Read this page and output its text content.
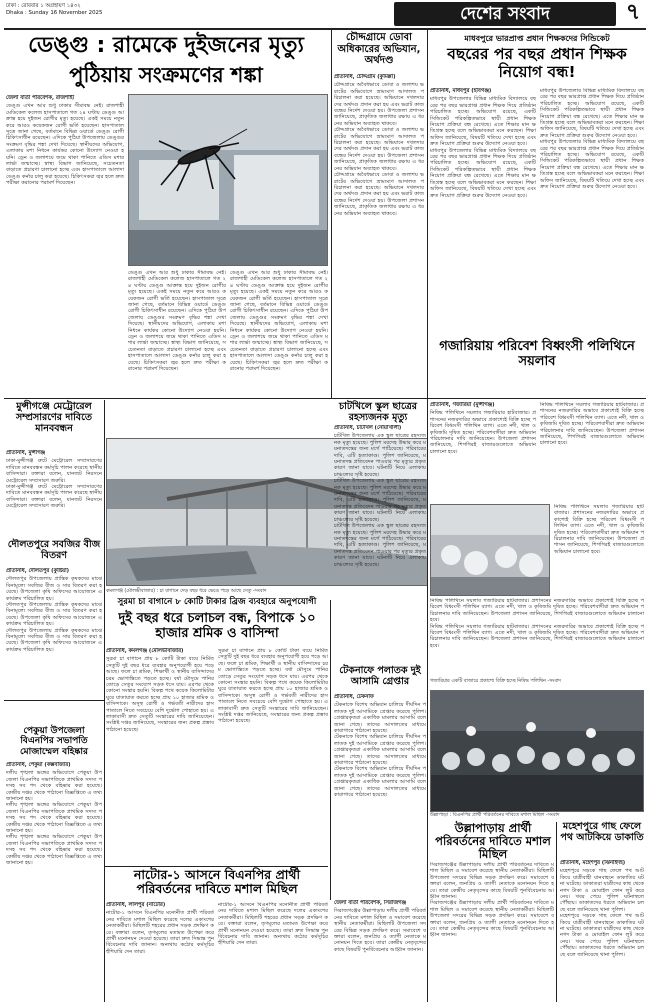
ঢাকা : রোববার ১ অগ্রহায়ণ ১৪৩২
Dhaka : Sunday 16 November 2025	দেশের সংবাদ	৭
ডেঙ্গু : রামেকে দুইজনের মৃত্যু
পুঠিয়ায় সংক্রমণের শঙ্কা
জেলা বার্তা পরিবেশক, রাজশাহী
ডেঙ্গু এখন আর শুধু ঢাকার সীমাবদ্ধ নেই। রাজশাহী মেডিকেল কলেজ হাসপাতালে গত ২৪ ঘণ্টায় ডেঙ্গু আক্রান্ত হয়ে দুইজন রোগীর মৃত্যু হয়েছে। একই সময়ে নতুন করে আরও কয়েকজন রোগী ভর্তি হয়েছেন। হাসপাতাল সূত্রে জানা গেছে, বর্তমানে বিভিন্ন ওয়ার্ডে ডেঙ্গু রোগী চিকিৎসাধীন রয়েছেন। এদিকে পুঠিয়া উপজেলায় ডেঙ্গুর সংক্রমণ বৃদ্ধির শঙ্কা দেখা দিয়েছে। স্থানীয়দের অভিযোগ, এলাকায় মশা নিধনে কার্যকর কোনো উদ্যোগ নেওয়া হয়নি। ড্রেন ও জলাশয়ে জমে থাকা পানিতে এডিস মশার লার্ভা জন্মাচ্ছে। স্বাস্থ্য বিভাগ জানিয়েছে, সচেতনতা বাড়াতে প্রচারণা চালানো হচ্ছে এবং হাসপাতালে আলাদা ডেঙ্গু কর্নার চালু করা হয়েছে। চিকিৎসকরা জ্বর হলে দ্রুত পরীক্ষা করানোর পরামর্শ দিয়েছেন।
ডেঙ্গু এখন আর শুধু ঢাকার সীমাবদ্ধ নেই। রাজশাহী মেডিকেল কলেজ হাসপাতালে গত ২৪ ঘণ্টায় ডেঙ্গু আক্রান্ত হয়ে দুইজন রোগীর মৃত্যু হয়েছে। একই সময়ে নতুন করে আরও কয়েকজন রোগী ভর্তি হয়েছেন। হাসপাতাল সূত্রে জানা গেছে, বর্তমানে বিভিন্ন ওয়ার্ডে ডেঙ্গু রোগী চিকিৎসাধীন রয়েছেন। এদিকে পুঠিয়া উপজেলায় ডেঙ্গুর সংক্রমণ বৃদ্ধির শঙ্কা দেখা দিয়েছে। স্থানীয়দের অভিযোগ, এলাকায় মশা নিধনে কার্যকর কোনো উদ্যোগ নেওয়া হয়নি। ড্রেন ও জলাশয়ে জমে থাকা পানিতে এডিস মশার লার্ভা জন্মাচ্ছে। স্বাস্থ্য বিভাগ জানিয়েছে, সচেতনতা বাড়াতে প্রচারণা চালানো হচ্ছে এবং হাসপাতালে আলাদা ডেঙ্গু কর্নার চালু করা হয়েছে। চিকিৎসকরা জ্বর হলে দ্রুত পরীক্ষা করানোর পরামর্শ দিয়েছেন।
ডেঙ্গু এখন আর শুধু ঢাকার সীমাবদ্ধ নেই। রাজশাহী মেডিকেল কলেজ হাসপাতালে গত ২৪ ঘণ্টায় ডেঙ্গু আক্রান্ত হয়ে দুইজন রোগীর মৃত্যু হয়েছে। একই সময়ে নতুন করে আরও কয়েকজন রোগী ভর্তি হয়েছেন। হাসপাতাল সূত্রে জানা গেছে, বর্তমানে বিভিন্ন ওয়ার্ডে ডেঙ্গু রোগী চিকিৎসাধীন রয়েছেন। এদিকে পুঠিয়া উপজেলায় ডেঙ্গুর সংক্রমণ বৃদ্ধির শঙ্কা দেখা দিয়েছে। স্থানীয়দের অভিযোগ, এলাকায় মশা নিধনে কার্যকর কোনো উদ্যোগ নেওয়া হয়নি। ড্রেন ও জলাশয়ে জমে থাকা পানিতে এডিস মশার লার্ভা জন্মাচ্ছে। স্বাস্থ্য বিভাগ জানিয়েছে, সচেতনতা বাড়াতে প্রচারণা চালানো হচ্ছে এবং হাসপাতালে আলাদা ডেঙ্গু কর্নার চালু করা হয়েছে। চিকিৎসকরা জ্বর হলে দ্রুত পরীক্ষা করানোর পরামর্শ দিয়েছেন।
চৌদ্দগ্রামে ডোবা অধিকারের অভিযান, অর্থদণ্ড
প্রতিনিধি, চৌদ্দগ্রাম (কুমিল্লা)
চৌদ্দগ্রামে অবৈধভাবে ডোবা ও জলাশয় ভরাটের অভিযোগে ভ্রাম্যমাণ আদালত পরিচালনা করা হয়েছে। অভিযানে দখলদারদের অর্থদণ্ড প্রদান করা হয় এবং ভরাট কাজ বন্ধের নির্দেশ দেওয়া হয়। উপজেলা প্রশাসন জানিয়েছে, প্রাকৃতিক জলাধার রক্ষায় এ ধরনের অভিযান অব্যাহত থাকবে।
চৌদ্দগ্রামে অবৈধভাবে ডোবা ও জলাশয় ভরাটের অভিযোগে ভ্রাম্যমাণ আদালত পরিচালনা করা হয়েছে। অভিযানে দখলদারদের অর্থদণ্ড প্রদান করা হয় এবং ভরাট কাজ বন্ধের নির্দেশ দেওয়া হয়। উপজেলা প্রশাসন জানিয়েছে, প্রাকৃতিক জলাধার রক্ষায় এ ধরনের অভিযান অব্যাহত থাকবে।
চৌদ্দগ্রামে অবৈধভাবে ডোবা ও জলাশয় ভরাটের অভিযোগে ভ্রাম্যমাণ আদালত পরিচালনা করা হয়েছে। অভিযানে দখলদারদের অর্থদণ্ড প্রদান করা হয় এবং ভরাট কাজ বন্ধের নির্দেশ দেওয়া হয়। উপজেলা প্রশাসন জানিয়েছে, প্রাকৃতিক জলাধার রক্ষায় এ ধরনের অভিযান অব্যাহত থাকবে।
মাধবপুরে ভারপ্রাপ্ত প্রধান শিক্ষকদের সিন্ডিকেট
বছরের পর বছর প্রধান শিক্ষক নিয়োগ বন্ধ!
প্রতিনিধি, মাধবপুর (হবিগঞ্জ)
মাধবপুর উপজেলার বিভিন্ন মাধ্যমিক বিদ্যালয়ে বছরের পর বছর ভারপ্রাপ্ত প্রধান শিক্ষক দিয়ে প্রতিষ্ঠান পরিচালিত হচ্ছে। অভিযোগ রয়েছে, একটি সিন্ডিকেট পরিকল্পিতভাবে স্থায়ী প্রধান শিক্ষক নিয়োগ প্রক্রিয়া বন্ধ রেখেছে। এতে শিক্ষার মান ক্ষতিগ্রস্ত হচ্ছে বলে অভিভাবকরা মনে করছেন। শিক্ষা অফিস জানিয়েছে, বিষয়টি খতিয়ে দেখা হচ্ছে এবং দ্রুত নিয়োগ প্রক্রিয়া শুরুর উদ্যোগ নেওয়া হবে।
মাধবপুর উপজেলার বিভিন্ন মাধ্যমিক বিদ্যালয়ে বছরের পর বছর ভারপ্রাপ্ত প্রধান শিক্ষক দিয়ে প্রতিষ্ঠান পরিচালিত হচ্ছে। অভিযোগ রয়েছে, একটি সিন্ডিকেট পরিকল্পিতভাবে স্থায়ী প্রধান শিক্ষক নিয়োগ প্রক্রিয়া বন্ধ রেখেছে। এতে শিক্ষার মান ক্ষতিগ্রস্ত হচ্ছে বলে অভিভাবকরা মনে করছেন। শিক্ষা অফিস জানিয়েছে, বিষয়টি খতিয়ে দেখা হচ্ছে এবং দ্রুত নিয়োগ প্রক্রিয়া শুরুর উদ্যোগ নেওয়া হবে।
মাধবপুর উপজেলার বিভিন্ন মাধ্যমিক বিদ্যালয়ে বছরের পর বছর ভারপ্রাপ্ত প্রধান শিক্ষক দিয়ে প্রতিষ্ঠান পরিচালিত হচ্ছে। অভিযোগ রয়েছে, একটি সিন্ডিকেট পরিকল্পিতভাবে স্থায়ী প্রধান শিক্ষক নিয়োগ প্রক্রিয়া বন্ধ রেখেছে। এতে শিক্ষার মান ক্ষতিগ্রস্ত হচ্ছে বলে অভিভাবকরা মনে করছেন। শিক্ষা অফিস জানিয়েছে, বিষয়টি খতিয়ে দেখা হচ্ছে এবং দ্রুত নিয়োগ প্রক্রিয়া শুরুর উদ্যোগ নেওয়া হবে।
মাধবপুর উপজেলার বিভিন্ন মাধ্যমিক বিদ্যালয়ে বছরের পর বছর ভারপ্রাপ্ত প্রধান শিক্ষক দিয়ে প্রতিষ্ঠান পরিচালিত হচ্ছে। অভিযোগ রয়েছে, একটি সিন্ডিকেট পরিকল্পিতভাবে স্থায়ী প্রধান শিক্ষক নিয়োগ প্রক্রিয়া বন্ধ রেখেছে। এতে শিক্ষার মান ক্ষতিগ্রস্ত হচ্ছে বলে অভিভাবকরা মনে করছেন। শিক্ষা অফিস জানিয়েছে, বিষয়টি খতিয়ে দেখা হচ্ছে এবং দ্রুত নিয়োগ প্রক্রিয়া শুরুর উদ্যোগ নেওয়া হবে।
গজারিয়ায় পরিবেশ বিধ্বংসী পলিথিনে সয়লাব
প্রতিনিধি, গজারিয়া (মুন্সীগঞ্জ)
নিষিদ্ধ পলিথিনে সয়লাব গজারিয়ার হাটবাজার। প্রশাসনের নজরদারির অভাবে প্রকাশ্যেই বিক্রি হচ্ছে পরিবেশ বিধ্বংসী পলিথিন ব্যাগ। এতে নদী, খাল ও কৃষিজমি দূষিত হচ্ছে। পরিবেশবাদীরা দ্রুত অভিযান পরিচালনার দাবি জানিয়েছেন। উপজেলা প্রশাসন জানিয়েছে, শিগগিরই বাজারগুলোতে অভিযান চালানো হবে।
নিষিদ্ধ পলিথিনে সয়লাব গজারিয়ার হাটবাজার। প্রশাসনের নজরদারির অভাবে প্রকাশ্যেই বিক্রি হচ্ছে পরিবেশ বিধ্বংসী পলিথিন ব্যাগ। এতে নদী, খাল ও কৃষিজমি দূষিত হচ্ছে। পরিবেশবাদীরা দ্রুত অভিযান পরিচালনার দাবি জানিয়েছেন। উপজেলা প্রশাসন জানিয়েছে, শিগগিরই বাজারগুলোতে অভিযান চালানো হবে।
নিষিদ্ধ পলিথিনে সয়লাব গজারিয়ার হাটবাজার। প্রশাসনের নজরদারির অভাবে প্রকাশ্যেই বিক্রি হচ্ছে পরিবেশ বিধ্বংসী পলিথিন ব্যাগ। এতে নদী, খাল ও কৃষিজমি দূষিত হচ্ছে। পরিবেশবাদীরা দ্রুত অভিযান পরিচালনার দাবি জানিয়েছেন। উপজেলা প্রশাসন জানিয়েছে, শিগগিরই বাজারগুলোতে অভিযান চালানো হবে।
নিষিদ্ধ পলিথিনে সয়লাব গজারিয়ার হাটবাজার। প্রশাসনের নজরদারির অভাবে প্রকাশ্যেই বিক্রি হচ্ছে পরিবেশ বিধ্বংসী পলিথিন ব্যাগ। এতে নদী, খাল ও কৃষিজমি দূষিত হচ্ছে। পরিবেশবাদীরা দ্রুত অভিযান পরিচালনার দাবি জানিয়েছেন। উপজেলা প্রশাসন জানিয়েছে, শিগগিরই বাজারগুলোতে অভিযান চালানো হবে।
নিষিদ্ধ পলিথিনে সয়লাব গজারিয়ার হাটবাজার। প্রশাসনের নজরদারির অভাবে প্রকাশ্যেই বিক্রি হচ্ছে পরিবেশ বিধ্বংসী পলিথিন ব্যাগ। এতে নদী, খাল ও কৃষিজমি দূষিত হচ্ছে। পরিবেশবাদীরা দ্রুত অভিযান পরিচালনার দাবি জানিয়েছেন। উপজেলা প্রশাসন জানিয়েছে, শিগগিরই বাজারগুলোতে অভিযান চালানো হবে।
গজারিয়ার একটি বাজারে প্রকাশ্যে বিক্রি হচ্ছে নিষিদ্ধ পলিথিন -সংবাদ
মুন্সীগঞ্জে মেট্রোরেল সম্প্রসারণের দাবিতে মানববন্ধন
প্রতিনিধি, মুন্সীগঞ্জ
ঢাকা-মুন্সীগঞ্জ রুটে মেট্রোরেল সম্প্রসারণের দাবিতে মানববন্ধন কর্মসূচি পালন করেছে স্থানীয় বাসিন্দারা। বক্তারা বলেন, যানজট নিরসনে মেট্রোরেল সম্প্রসারণ জরুরি।
ঢাকা-মুন্সীগঞ্জ রুটে মেট্রোরেল সম্প্রসারণের দাবিতে মানববন্ধন কর্মসূচি পালন করেছে স্থানীয় বাসিন্দারা। বক্তারা বলেন, যানজট নিরসনে মেট্রোরেল সম্প্রসারণ জরুরি।
কমলগঞ্জ (মৌলভীবাজার) : চা বাগানে দেড় বছর ধরে ভেঙে পড়ে আছে সেতু -সংবাদ
চাটখিলে স্কুল ছাত্রের রহস্যজনক মৃত্যু
দৌলতপুরে সবজির বীজ বিতরণ
প্রতিনিধি, দৌলতপুর (কুষ্টিয়া)
দৌলতপুর উপজেলায় প্রান্তিক কৃষকদের মাঝে বিনামূল্যে সবজির বীজ ও সার বিতরণ করা হয়েছে। উপজেলা কৃষি অফিসের আয়োজনে এ কার্যক্রম পরিচালিত হয়।
দৌলতপুর উপজেলায় প্রান্তিক কৃষকদের মাঝে বিনামূল্যে সবজির বীজ ও সার বিতরণ করা হয়েছে। উপজেলা কৃষি অফিসের আয়োজনে এ কার্যক্রম পরিচালিত হয়।
দৌলতপুর উপজেলায় প্রান্তিক কৃষকদের মাঝে বিনামূল্যে সবজির বীজ ও সার বিতরণ করা হয়েছে। উপজেলা কৃষি অফিসের আয়োজনে এ কার্যক্রম পরিচালিত হয়।
সুরমা চা বাগানে ৮ কোটি টাকার ব্রিজ ব্যবহারে অনুপযোগী
দুই বছর ধরে চলাচল বন্ধ, বিপাকে ১০ হাজার শ্রমিক ও বাসিন্দা
প্রতিনিধি, কমলগঞ্জ (মৌলভীবাজার)
সুরমা চা বাগানে প্রায় ৮ কোটি টাকা ব্যয়ে নির্মিত সেতুটি দুই বছর ধরে ব্যবহার অনুপযোগী হয়ে পড়ে আছে। ফলে চা শ্রমিক, শিক্ষার্থী ও স্থানীয় বাসিন্দাদের চরম ভোগান্তিতে পড়তে হচ্ছে। বর্ষা মৌসুমে পানির তোড়ে সেতুর সংযোগ সড়ক ধসে যায়। এরপর থেকে কোনো সংস্কার হয়নি। বিকল্প পথে কয়েক কিলোমিটার ঘুরে যাতায়াত করতে হচ্ছে প্রায় ১০ হাজার শ্রমিক ও বাসিন্দাকে। অসুস্থ রোগী ও গর্ভবতী নারীদের হাসপাতালে নিতে সবচেয়ে বেশি দুর্ভোগ পোহাতে হয়। এলাকাবাসী দ্রুত সেতুটি সংস্কারের দাবি জানিয়েছেন। সংশ্লিষ্ট দপ্তর জানিয়েছে, সংস্কারের জন্য প্রকল্প প্রস্তাব পাঠানো হয়েছে।
সুরমা চা বাগানে প্রায় ৮ কোটি টাকা ব্যয়ে নির্মিত সেতুটি দুই বছর ধরে ব্যবহার অনুপযোগী হয়ে পড়ে আছে। ফলে চা শ্রমিক, শিক্ষার্থী ও স্থানীয় বাসিন্দাদের চরম ভোগান্তিতে পড়তে হচ্ছে। বর্ষা মৌসুমে পানির তোড়ে সেতুর সংযোগ সড়ক ধসে যায়। এরপর থেকে কোনো সংস্কার হয়নি। বিকল্প পথে কয়েক কিলোমিটার ঘুরে যাতায়াত করতে হচ্ছে প্রায় ১০ হাজার শ্রমিক ও বাসিন্দাকে। অসুস্থ রোগী ও গর্ভবতী নারীদের হাসপাতালে নিতে সবচেয়ে বেশি দুর্ভোগ পোহাতে হয়। এলাকাবাসী দ্রুত সেতুটি সংস্কারের দাবি জানিয়েছেন। সংশ্লিষ্ট দপ্তর জানিয়েছে, সংস্কারের জন্য প্রকল্প প্রস্তাব পাঠানো হয়েছে।
প্রতিনিধি, চাটখিল (নোয়াখালী)
চাটখিল উপজেলায় এক স্কুল ছাত্রের রহস্যজনক মৃত্যু হয়েছে। পুলিশ মরদেহ উদ্ধার করে ময়নাতদন্তের জন্য মর্গে পাঠিয়েছে। পরিবারের দাবি, এটি হত্যাকাণ্ড। পুলিশ জানিয়েছে, ময়নাতদন্ত প্রতিবেদন পাওয়ার পর মৃত্যুর প্রকৃত কারণ জানা যাবে। ঘটনাটি নিয়ে এলাকায় চাঞ্চল্যের সৃষ্টি হয়েছে।
চাটখিল উপজেলায় এক স্কুল ছাত্রের রহস্যজনক মৃত্যু হয়েছে। পুলিশ মরদেহ উদ্ধার করে ময়নাতদন্তের জন্য মর্গে পাঠিয়েছে। পরিবারের দাবি, এটি হত্যাকাণ্ড। পুলিশ জানিয়েছে, ময়নাতদন্ত প্রতিবেদন পাওয়ার পর মৃত্যুর প্রকৃত কারণ জানা যাবে। ঘটনাটি নিয়ে এলাকায় চাঞ্চল্যের সৃষ্টি হয়েছে।
চাটখিল উপজেলায় এক স্কুল ছাত্রের রহস্যজনক মৃত্যু হয়েছে। পুলিশ মরদেহ উদ্ধার করে ময়নাতদন্তের জন্য মর্গে পাঠিয়েছে। পরিবারের দাবি, এটি হত্যাকাণ্ড। পুলিশ জানিয়েছে, ময়নাতদন্ত প্রতিবেদন পাওয়ার পর মৃত্যুর প্রকৃত কারণ জানা যাবে। ঘটনাটি নিয়ে এলাকায় চাঞ্চল্যের সৃষ্টি হয়েছে।
টেকনাফে পলাতক দুই আসামি গ্রেপ্তার
প্রতিনিধি, টেকনাফ
টেকনাফে বিশেষ অভিযান চালিয়ে দীর্ঘদিন পলাতক দুই আসামিকে গ্রেপ্তার করেছে পুলিশ। গ্রেপ্তারকৃতরা একাধিক মামলার আসামি বলে জানা গেছে। তাদের আদালতের মাধ্যমে কারাগারে পাঠানো হয়েছে।
টেকনাফে বিশেষ অভিযান চালিয়ে দীর্ঘদিন পলাতক দুই আসামিকে গ্রেপ্তার করেছে পুলিশ। গ্রেপ্তারকৃতরা একাধিক মামলার আসামি বলে জানা গেছে। তাদের আদালতের মাধ্যমে কারাগারে পাঠানো হয়েছে।
টেকনাফে বিশেষ অভিযান চালিয়ে দীর্ঘদিন পলাতক দুই আসামিকে গ্রেপ্তার করেছে পুলিশ। গ্রেপ্তারকৃতরা একাধিক মামলার আসামি বলে জানা গেছে। তাদের আদালতের মাধ্যমে কারাগারে পাঠানো হয়েছে।
পেকুয়া উপজেলা বিএনপির সভাপতি মোজাম্মেল বহিষ্কার
প্রতিনিধি, পেকুয়া (কক্সবাজার)
দলীয় শৃঙ্খলা ভঙ্গের অভিযোগে পেকুয়া উপজেলা বিএনপির সভাপতিকে প্রাথমিক সদস্য পদসহ সব পদ থেকে বহিষ্কার করা হয়েছে। কেন্দ্রীয় দপ্তর থেকে পাঠানো বিজ্ঞপ্তিতে এ তথ্য জানানো হয়।
দলীয় শৃঙ্খলা ভঙ্গের অভিযোগে পেকুয়া উপজেলা বিএনপির সভাপতিকে প্রাথমিক সদস্য পদসহ সব পদ থেকে বহিষ্কার করা হয়েছে। কেন্দ্রীয় দপ্তর থেকে পাঠানো বিজ্ঞপ্তিতে এ তথ্য জানানো হয়।
দলীয় শৃঙ্খলা ভঙ্গের অভিযোগে পেকুয়া উপজেলা বিএনপির সভাপতিকে প্রাথমিক সদস্য পদসহ সব পদ থেকে বহিষ্কার করা হয়েছে। কেন্দ্রীয় দপ্তর থেকে পাঠানো বিজ্ঞপ্তিতে এ তথ্য জানানো হয়।
নাটোর-১ আসনে বিএনপির প্রার্থী পরিবর্তনের দাবিতে মশাল মিছিল
প্রতিনিধি, লালপুর (নাটোর)
নাটোর-১ আসনে বিএনপির মনোনীত প্রার্থী পরিবর্তনের দাবিতে মশাল মিছিল করেছে দলের একাংশের নেতাকর্মীরা। মিছিলটি শহরের প্রধান সড়ক প্রদক্ষিণ করে। বক্তারা বলেন, তৃণমূলের মতামত উপেক্ষা করে প্রার্থী মনোনয়ন দেওয়া হয়েছে। তারা দ্রুত সিদ্ধান্ত পুনর্বিবেচনার দাবি জানান। অন্যথায় কঠোর কর্মসূচির হুঁশিয়ারি দেন তারা।
নাটোর-১ আসনে বিএনপির মনোনীত প্রার্থী পরিবর্তনের দাবিতে মশাল মিছিল করেছে দলের একাংশের নেতাকর্মীরা। মিছিলটি শহরের প্রধান সড়ক প্রদক্ষিণ করে। বক্তারা বলেন, তৃণমূলের মতামত উপেক্ষা করে প্রার্থী মনোনয়ন দেওয়া হয়েছে। তারা দ্রুত সিদ্ধান্ত পুনর্বিবেচনার দাবি জানান। অন্যথায় কঠোর কর্মসূচির হুঁশিয়ারি দেন তারা।
উল্লাপাড়া : বিএনপির প্রার্থী পরিবর্তনের দাবিতে মশাল মিছিল -সংবাদ
উল্লাপাড়ায় প্রার্থী পরিবর্তনের দাবিতে মশাল মিছিল
জেলা বার্তা পরিবেশক, সিরাজগঞ্জ
সিরাজগঞ্জের উল্লাপাড়ায় দলীয় প্রার্থী পরিবর্তনের দাবিতে মশাল মিছিল ও সমাবেশ করেছে স্থানীয় নেতাকর্মীরা। মিছিলটি উপজেলা সদরের বিভিন্ন সড়ক প্রদক্ষিণ করে। সমাবেশে বক্তারা বলেন, জনপ্রিয় ও ত্যাগী নেতাকে মনোনয়ন দিতে হবে। তারা কেন্দ্রীয় নেতৃবৃন্দের কাছে বিষয়টি পুনর্বিবেচনার আহ্বান জানান।
সিরাজগঞ্জের উল্লাপাড়ায় দলীয় প্রার্থী পরিবর্তনের দাবিতে মশাল মিছিল ও সমাবেশ করেছে স্থানীয় নেতাকর্মীরা। মিছিলটি উপজেলা সদরের বিভিন্ন সড়ক প্রদক্ষিণ করে। সমাবেশে বক্তারা বলেন, জনপ্রিয় ও ত্যাগী নেতাকে মনোনয়ন দিতে হবে। তারা কেন্দ্রীয় নেতৃবৃন্দের কাছে বিষয়টি পুনর্বিবেচনার আহ্বান জানান।
সিরাজগঞ্জের উল্লাপাড়ায় দলীয় প্রার্থী পরিবর্তনের দাবিতে মশাল মিছিল ও সমাবেশ করেছে স্থানীয় নেতাকর্মীরা। মিছিলটি উপজেলা সদরের বিভিন্ন সড়ক প্রদক্ষিণ করে। সমাবেশে বক্তারা বলেন, জনপ্রিয় ও ত্যাগী নেতাকে মনোনয়ন দিতে হবে। তারা কেন্দ্রীয় নেতৃবৃন্দের কাছে বিষয়টি পুনর্বিবেচনার আহ্বান জানান।
মহেশপুরে গাছ ফেলে পথ আটকিয়ে ডাকাতি
প্রতিনিধি, মহেশপুর (ঝিনাইদহ)
মহেশপুরে সড়কে গাছ ফেলে পথ আটকিয়ে যাত্রীবাহী যানবাহনে ডাকাতির ঘটনা ঘটেছে। ডাকাতরা যাত্রীদের কাছ থেকে নগদ টাকা ও মোবাইল ফোন লুট করে নেয়। খবর পেয়ে পুলিশ ঘটনাস্থলে পৌঁছায়। ডাকাতদের ধরতে অভিযান চলছে বলে জানিয়েছে থানা পুলিশ।
মহেশপুরে সড়কে গাছ ফেলে পথ আটকিয়ে যাত্রীবাহী যানবাহনে ডাকাতির ঘটনা ঘটেছে। ডাকাতরা যাত্রীদের কাছ থেকে নগদ টাকা ও মোবাইল ফোন লুট করে নেয়। খবর পেয়ে পুলিশ ঘটনাস্থলে পৌঁছায়। ডাকাতদের ধরতে অভিযান চলছে বলে জানিয়েছে থানা পুলিশ।
